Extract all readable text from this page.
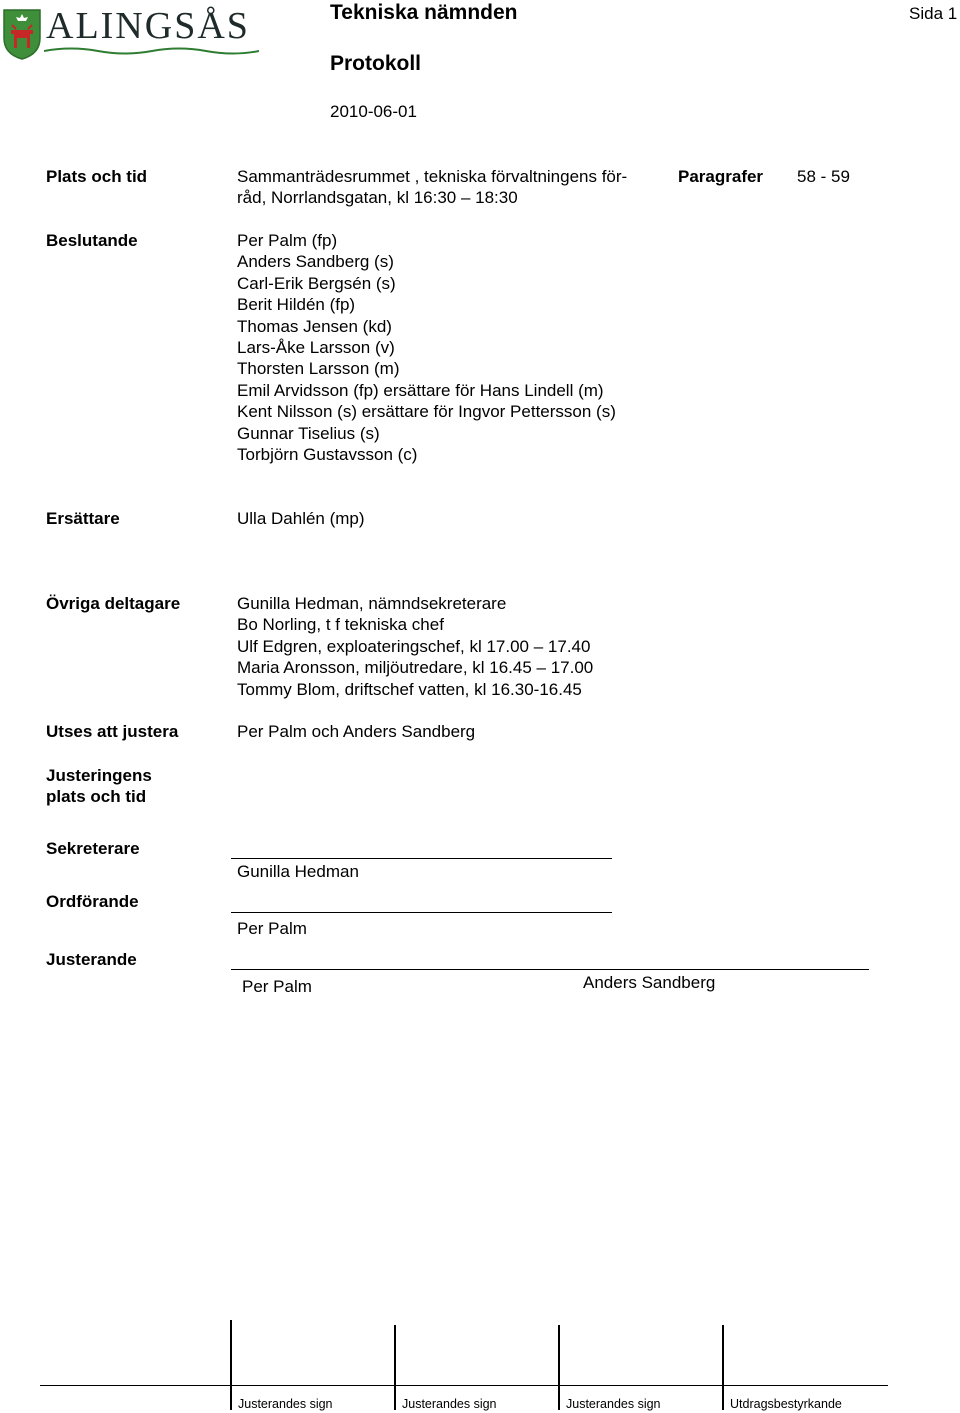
ALINGSÅS	Tekniska nämnden	Sida 1
Protokoll
2010-06-01
Plats och tid	Sammanträdesrummet , tekniska förvaltningens för-
råd, Norrlandsgatan, kl 16:30 – 18:30
Paragrafer 58 - 59
Beslutande	Per Palm (fp)
Anders Sandberg (s)
Carl-Erik Bergsén (s)
Berit Hildén (fp)
Thomas Jensen (kd)
Lars-Åke Larsson (v)
Thorsten Larsson (m)
Emil Arvidsson (fp) ersättare för Hans Lindell (m)
Kent Nilsson (s) ersättare för Ingvor Pettersson (s)
Gunnar Tiselius (s)
Torbjörn Gustavsson (c)
Ersättare	Ulla Dahlén (mp)
Övriga deltagare	Gunilla Hedman, nämndsekreterare
Bo Norling, t f tekniska chef
Ulf Edgren, exploateringschef, kl 17.00 – 17.40
Maria Aronsson, miljöutredare, kl 16.45 – 17.00
Tommy Blom, driftschef vatten, kl 16.30-16.45
Utses att justera	Per Palm och Anders Sandberg
Justeringens
plats och tid
Sekreterare
Gunilla Hedman
Ordförande
Per Palm
Justerande
Per Palm	Anders Sandberg
Justerandes sign	Justerandes sign	Justerandes sign	Utdragsbestyrkande
